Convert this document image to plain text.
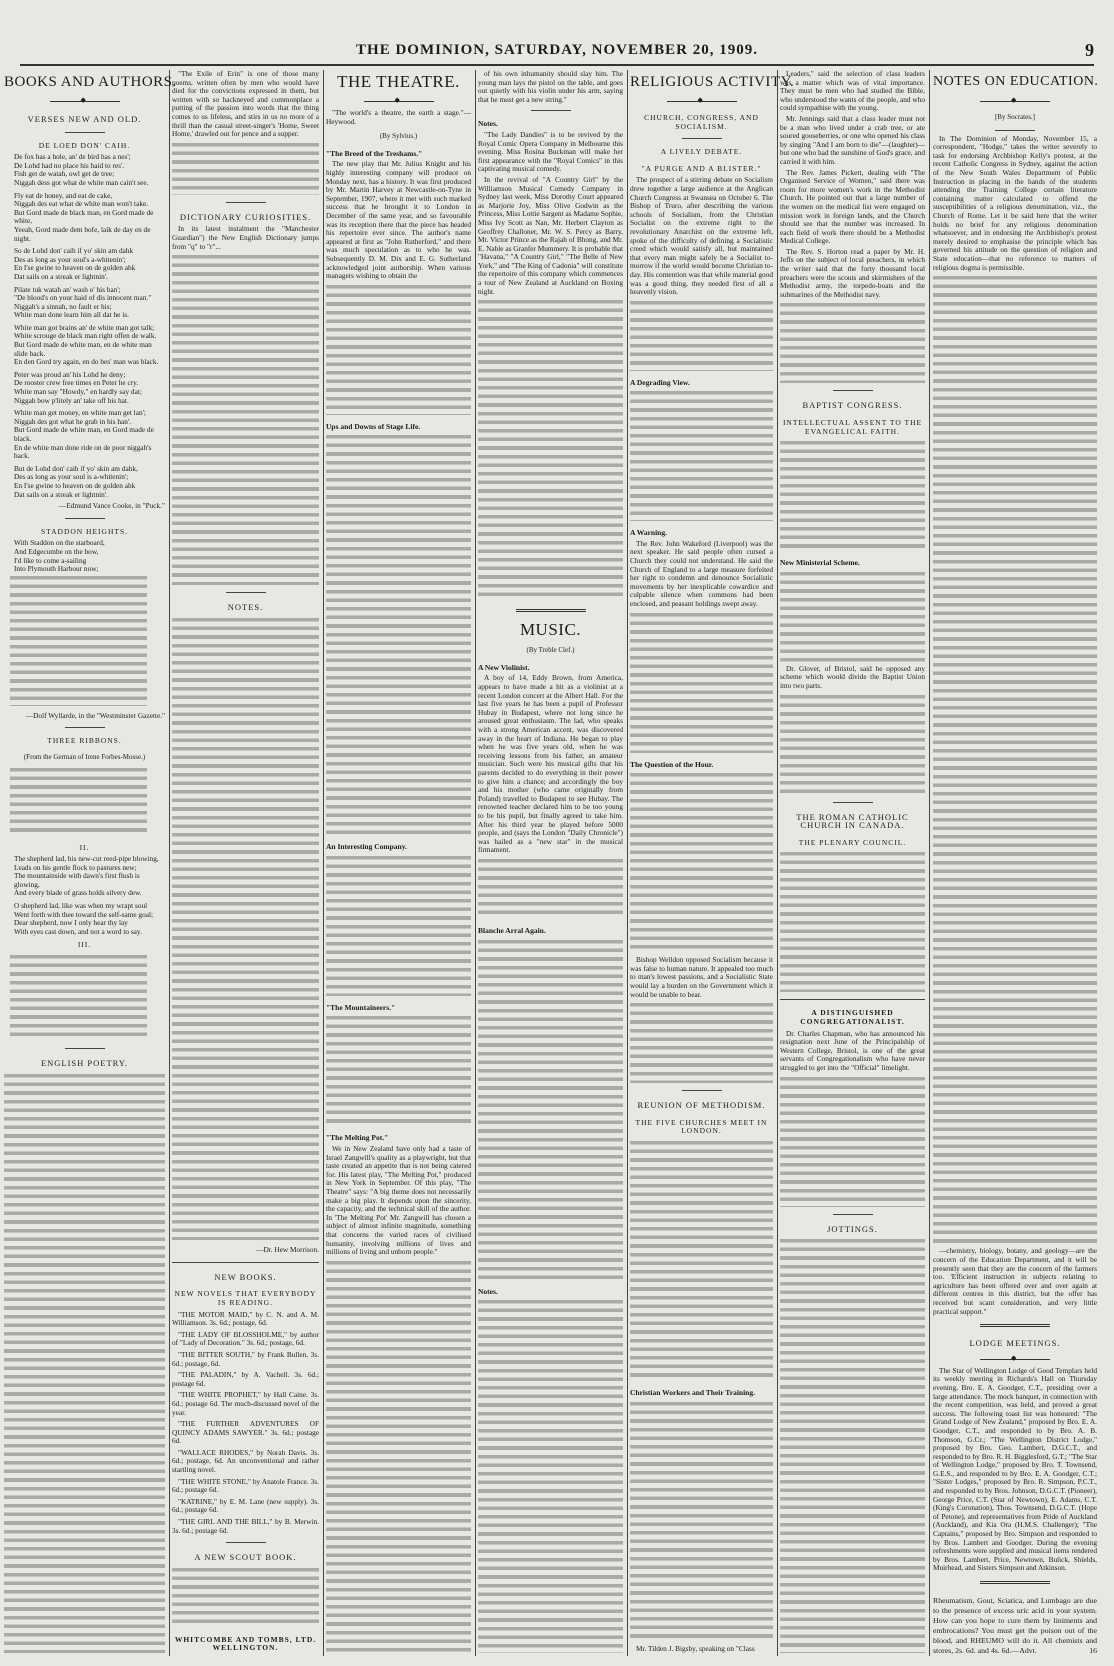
THE DOMINION, SATURDAY, NOVEMBER 20, 1909.	9
BOOKS AND AUTHORS.
◆
VERSES NEW AND OLD.
DE LOED DON' CAIH.

De fox has a hole, an' de bird has a nes';

De Lohd had no place his haid to res'.

Fish get de watah, owl get de tree;

Niggah dess got what de white man cain't see.

Fly eat de honey, and eat de cake,

Niggah des eat what de white man won't take.

But Gord made de black man, en Gord made de white,

Yeeah, Gord made dem bofe, laik de day en de night.

So de Lohd don' caih if yo' skin am dahk

Des as long as your soul's a-whitenin';

En I'se gwine to heaven on de golden ahk

Dat sails on a streak er lightnin'.

Pilate tuk watah an' wash o' his han';

"De blood's on your haid of dis innocent man."

Niggah's a sinnah, no fault er his;

White man done learn him all dat he is.

White man got brains an' de white man got talk;

White scrouge de black man right offen de walk.

But Gord made de white man, en de white man slide back.

En den Gord try again, en do bes' man was black.

Peter was proud an' his Lohd he deny;

De rooster crew free times en Peter he cry.

White man say "Howdy," en hardly say dat;

Niggah bow p'litely an' take off his hat.

White man get money, en white man get lan';

Niggah des got what he grab in his han'.

But Gord made de white man, en Gord made de black.

En de white man done ride on de poor niggah's back.

But de Lohd don' caih if yo' skin am dahk,

Des as long as your soul is a-whitenin';

En I'se gwine to heaven on de golden ahk

Dat sails on a streak er lightnin'.

—Edmund Vance Cooke, in "Puck."
STADDON HEIGHTS.

With Staddon on the starboard,

And Edgecumbe on the bow,

I'd like to come a-sailing

Into Plymouth Harbour now;

—Dolf Wyllarde, in the "Westminster Gazette."
THREE RIBBONS.
(From the German of Irene Forbes-Mosse.)
II.

The shepherd lad, his new-cut reed-pipe blowing,

Leads on his gentle flock to pastures new;

The mountainside with dawn's first flush is glowing,

And every blade of grass holds silvery dew.

O shepherd lad, like was when my wrapt soul

Went forth with thee toward the self-same goal;

Dear shepherd, now I only hear thy lay

With eyes cast down, and not a word to say.

III.
ENGLISH POETRY.

"The Exile of Erin" is one of those many poems, written often by men who would have died for the convictions expressed in them, but written with so hackneyed and commonplace a putting of the passion into words that the thing comes to us lifeless, and stirs in us no more of a thrill than the casual street-singer's 'Home, Sweet Home,' drawled out for pence and a supper.

DICTIONARY CURIOSITIES.

In its latest instalment the "Manchester Guardian") the New English Dictionary jumps from "q" to "r"...

NOTES.
—Dr. Hew Morrison.
NEW BOOKS.
NEW NOVELS THAT EVERYBODY IS READING.

"THE MOTOR MAID," by C. N. and A. M. Williamson. 3s. 6d.; postage, 6d.

"THE LADY OF BLOSSHOLME," by author of "Lady of Decoration." 3s. 6d.; postage, 6d.

"THE BITTER SOUTH," by Frank Bullen. 3s. 6d.; postage, 6d.

"THE PALADIN," by A. Vachell. 3s. 6d.; postage 6d.

"THE WHITE PROPHET," by Hall Caine. 3s. 6d.; postage 6d. The much-discussed novel of the year.

"THE FURTHER ADVENTURES OF QUINCY ADAMS SAWYER." 3s. 6d.; postage 6d.

"WALLACE RHODES," by Norah Davis. 3s. 6d.; postage, 6d. An unconventional and rather startling novel.

"THE WHITE STONE," by Anatole France. 3s. 6d.; postage 6d.

"KATRINE," by E. M. Lane (new supply). 3s. 6d.; postage 6d.

"THE GIRL AND THE BILL," by B. Merwin. 3s. 6d.; postage 6d.

A NEW SCOUT BOOK.
WHITCOMBE AND TOMBS, LTD. WELLINGTON.
THE THEATRE.
◆

"The world's a theatre, the earth a stage."—Heywood.

(By Sylvius.)
"The Breed of the Treshams."

The new play that Mr. Julius Knight and his highly interesting company will produce on Monday next, has a history. It was first produced by Mr. Martin Harvey at Newcastle-on-Tyne in September, 1907, where it met with such marked success that he brought it to London in December of the same year, and so favourable was its reception there that the piece has headed his repertoire ever since. The author's name appeared at first as "John Rutherford," and there was much speculation as to who he was. Subsequently D. M. Dix and E. G. Sutherland acknowledged joint authorship. When various managers wishing to obtain the

Ups and Downs of Stage Life.
An Interesting Company.
"The Mountaineers."
"The Melting Pot."

We in New Zealand have only had a taste of Israel Zangwill's quality as a playwright, but that taste created an appetite that is not being catered for. His latest play, "The Melting Pot," produced in New York in September. Of this play, "The Theatre" says: "A big theme does not necessarily make a big play. It depends upon the sincerity, the capacity, and the technical skill of the author. In 'The Melting Pot' Mr. Zangwill has chosen a subject of almost infinite magnitude, something that concerns the varied races of civilised humanity, involving millions of lives and millions of living and unborn people."

of his own inhumanity should slay him. The young man lays the pistol on the table, and goes out quietly with his violin under his arm, saying that he must get a new string."

Notes.

"The Lady Dandies" is to be revived by the Royal Comic Opera Company in Melbourne this evening. Miss Rosina Buckman will make her first appearance with the "Royal Comics" in this captivating musical comedy.

In the revival of "A Country Girl" by the Williamson Musical Comedy Company in Sydney last week, Miss Dorothy Court appeared as Marjorie Joy, Miss Olive Godwin as the Princess, Miss Lottie Sargent as Madame Sophie, Miss Ivy Scott as Nan, Mr. Herbert Clayton as Geoffrey Challoner, Mr. W. S. Percy as Barry, Mr. Victor Prince as the Rajah of Bhong, and Mr. E. Nable as Granfer Mummery. It is probable that "Havana," "A Country Girl," "The Belle of New York," and "The King of Cadonia" will constitute the repertoire of this company which commences a tour of New Zealand at Auckland on Boxing night.

MUSIC.
(By Treble Clef.)
A New Violinist.

A boy of 14, Eddy Brown, from America, appears to have made a hit as a violinist at a recent London concert at the Albert Hall. For the last five years he has been a pupil of Professor Hubay in Budapest, where not long since he aroused great enthusiasm. The lad, who speaks with a strong American accent, was discovered away in the heart of Indiana. He began to play when he was five years old, when he was receiving lessons from his father, an amateur musician. Such were his musical gifts that his parents decided to do everything in their power to give him a chance; and accordingly the boy and his mother (who came originally from Poland) travelled to Budapest to see Hubay. The renowned teacher declared him to be too young to be his pupil, but finally agreed to take him. After his third year he played before 5000 people, and (says the London "Daily Chronicle") was hailed as a "new star" in the musical firmament.

Blanche Arral Again.
Notes.
RELIGIOUS ACTIVITY.
◆
CHURCH, CONGRESS, AND SOCIALISM.
A LIVELY DEBATE.
"A PURGE AND A BLISTER."

The prospect of a stirring debate on Socialism drew together a large audience at the Anglican Church Congress at Swansea on October 6. The Bishop of Truro, after describing the various schools of Socialism, from the Christian Socialist on the extreme right to the revolutionary Anarchist on the extreme left, spoke of the difficulty of defining a Socialistic creed which would satisfy all, but maintained that every man might safely be a Socialist to-morrow if the world would become Christian to-day. His contention was that while material good was a good thing, they needed first of all a heavenly vision.

A Degrading View.
A Warning.

The Rev. John Wakeford (Liverpool) was the next speaker. He said people often cursed a Church they could not understand. He said the Church of England to a large measure forfeited her right to condemn and denounce Socialistic movements by her inexplicable cowardice and culpable silence when commons had been enclosed, and peasant holdings swept away.

The Question of the Hour.

Bishop Welldon opposed Socialism because it was false to human nature. It appealed too much to man's lowest passions, and a Socialistic State would lay a burden on the Government which it would be unable to bear.

REUNION OF METHODISM.
THE FIVE CHURCHES MEET IN LONDON.
Christian Workers and Their Training.

Mr. Tilden J. Bigsby, speaking on "Class

Leaders," said the selection of class leaders was a matter which was of vital importance. They must be men who had studied the Bible, who understood the wants of the people, and who could sympathise with the young.

Mr. Jennings said that a class leader must not be a man who lived under a crab tree, or ate soured gooseberries, or one who opened his class by singing "And I am born to die"—(laughter)—but one who had the sunshine of God's grace, and carried it with him.

The Rev. James Pickett, dealing with "The Organised Service of Women," said there was room for more women's work in the Methodist Church. He pointed out that a large number of the women on the medical list were engaged on mission work in foreign lands, and the Church should see that the number was increased. In each field of work there should be a Methodist Medical College.

The Rev. S. Horton read a paper by Mr. H. Jeffs on the subject of local preachers, in which the writer said that the forty thousand local preachers were the scouts and skirmishers of the Methodist army, the torpedo-boats and the submarines of the Methodist navy.

BAPTIST CONGRESS.
INTELLECTUAL ASSENT TO THE EVANGELICAL FAITH.
New Ministerial Scheme.

Dr. Glover, of Bristol, said he opposed any scheme which would divide the Baptist Union into two parts.

THE ROMAN CATHOLIC CHURCH IN CANADA.
THE PLENARY COUNCIL.
A DISTINGUISHED CONGREGATIONALIST.

Dr. Charles Chapman, who has announced his resignation next June of the Principalship of Western College, Bristol, is one of the great servants of Congregationalism who have never struggled to get into the "Official" limelight.

JOTTINGS.
NOTES ON EDUCATION.
◆
[By Socrates.]

In The Dominion of Monday, November 15, a correspondent, "Hodge," takes the writer severely to task for endorsing Archbishop Kelly's protest, at the recent Catholic Congress in Sydney, against the action of the New South Wales Department of Public Instruction in placing in the hands of the students attending the Training College certain literature containing matter calculated to offend the susceptibilities of a religious denomination, viz., the Church of Rome. Let it be said here that the writer holds no brief for any religious denomination whatsoever, and in endorsing the Archbishop's protest merely desired to emphasise the principle which has governed his attitude on the question of religion and State education—that no reference to matters of religious dogma is permissible.

—chemistry, biology, botany, and geology—are the concern of the Education Department, and it will be presently seen that they are the concern of the farmers too. 'Efficient instruction in subjects relating to agriculture has been offered over and over again at different centres in this district, but the offer has received but scant consideration, and very little practical support."

LODGE MEETINGS.
◆

The Star of Wellington Lodge of Good Templars held its weekly meeting in Richards's Hall on Thursday evening, Bro. E. A. Goodger, C.T., presiding over a large attendance. The mock banquet, in connection with the recent competition, was held, and proved a great success. The following toast list was honoured: "The Grand Lodge of New Zealand," proposed by Bro. E. A. Goodger, C.T., and responded to by Bro. A. B. Thomson, G.Cr.; "The Wellington District Lodge," proposed by Bro. Geo. Lambert, D.G.C.T., and responded to by Bro. R. H. Bigglesford, G.T.; "The Star of Wellington Lodge," proposed by Bro. T. Townsend, G.E.S., and responded to by Bro. E. A. Goodger, C.T.; "Sister Lodges," proposed by Bro. R. Simpson, P.C.T., and responded to by Bros. Johnson, D.G.C.T. (Pioneer), George Price, C.T. (Star of Newtown), E. Adams, C.T. (King's Coronation), Thos. Townsend, D.G.C.T. (Hope of Petone), and representatives from Pride of Auckland (Auckland), and Kia Ora (H.M.S. Challenger); "The Captains," proposed by Bro. Simpson and responded to by Bros. Lambert and Goodger. During the evening refreshments were supplied and musical items rendered by Bros. Lambert, Price, Newtown, Bulick, Shields, Muirhead, and Sisters Simpson and Atkinson.

Rheumatism, Gout, Sciatica, and Lumbago are due to the presence of excess uric acid in your system. How can you hope to cure them by liniments and embrocations? You must get the poison out of the blood, and RHEUMO will do it. All chemists and stores, 2s. 6d. and 4s. 6d.—Advt.	16
